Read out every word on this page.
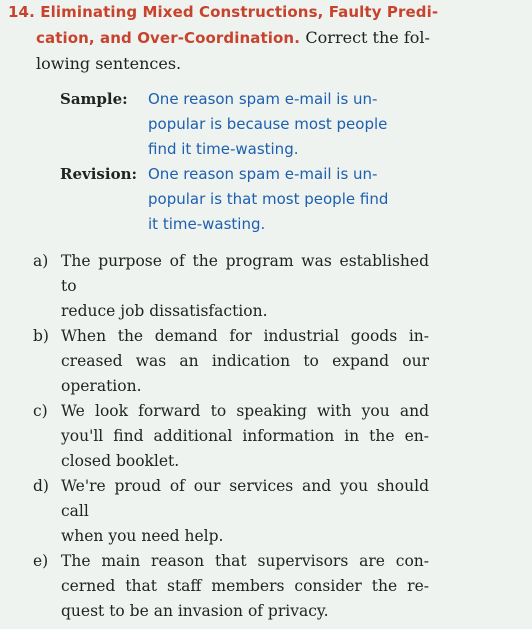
14. Eliminating Mixed Constructions, Faulty Predi-
cation, and Over-Coordination. Correct the fol-
lowing sentences.
Sample:	One reason spam e-mail is un-
popular is because most people
find it time-wasting.
Revision: One reason spam e-mail is un-
popular is that most people find
it time-wasting.
a) The purpose of the program was established to
reduce job dissatisfaction.
b) When the demand for industrial goods in-
creased was an indication to expand our
operation.
c) We look forward to speaking with you and
you'll find additional information in the en-
closed booklet.
d) We're proud of our services and you should call
when you need help.
e) The main reason that supervisors are con-
cerned that staff members consider the re-
quest to be an invasion of privacy.
